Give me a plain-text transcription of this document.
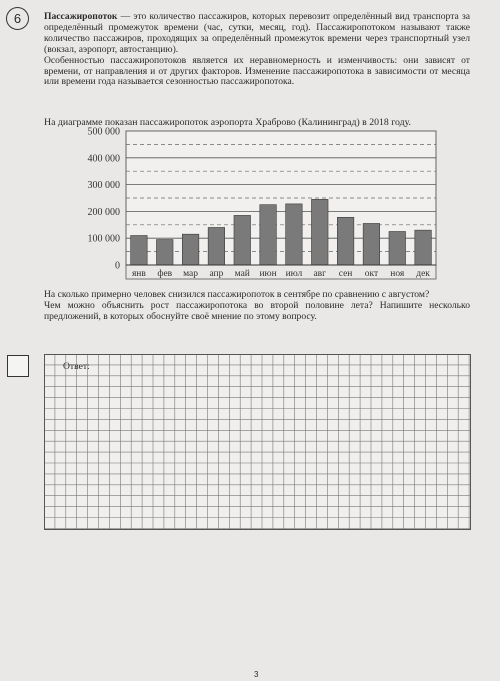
6	Пассажиропоток — это количество пассажиров, которых перевозит определённый вид транспорта за определённый промежуток времени (час, сутки, месяц, год). Пассажиропотоком называют также количество пассажиров, проходящих за определённый промежуток времени через транспортный узел (вокзал, аэропорт, автостанцию).

Особенностью пассажиропотоков является их неравномерность и изменчивость: они зависят от времени, от направления и от других факторов. Изменение пассажиропотока в зависимости от месяца или времени года называется сезонностью пассажиропотока.

На диаграмме показан пассажиропоток аэропорта Храброво (Калининград) в 2018 году.
0
100 000
200 000
300 000
400 000
500 000
янв фев мар апр май июн июл авг сен окт ноя дек

На сколько примерно человек снизился пассажиропоток в сентябре по сравнению с августом?

Чем можно объяснить рост пассажиропотока во второй половине лета? Напишите несколько предложений, в которых обоснуйте своё мнение по этому вопросу.

Ответ:
3
